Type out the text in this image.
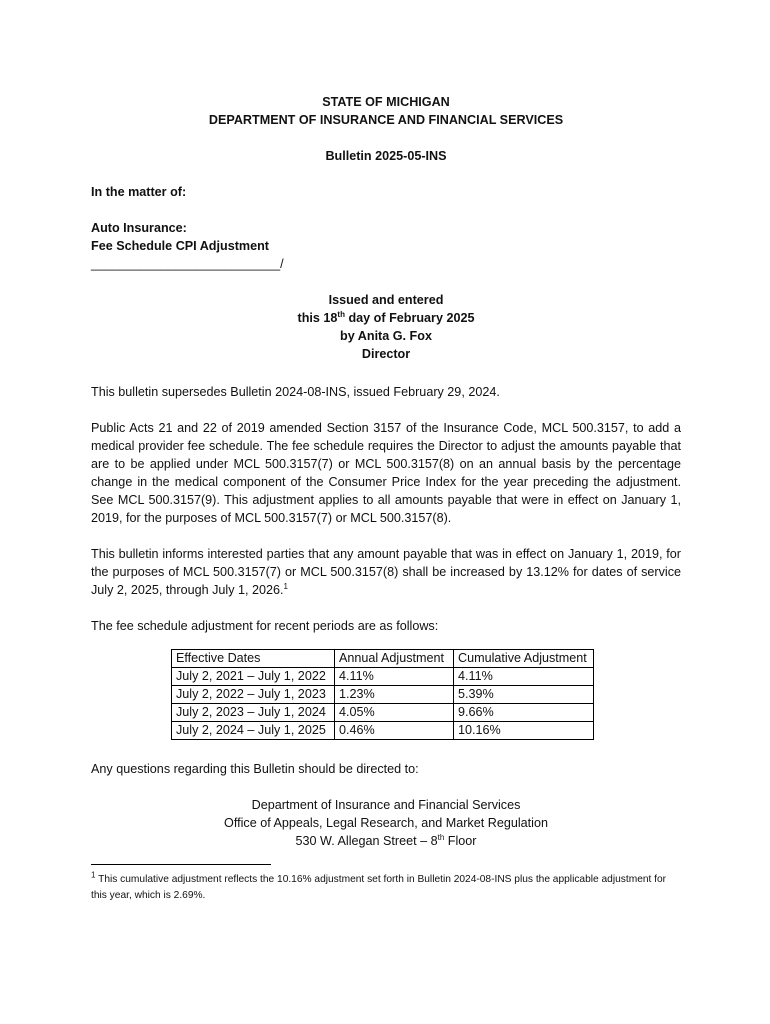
STATE OF MICHIGAN

DEPARTMENT OF INSURANCE AND FINANCIAL SERVICES

Bulletin 2025-05-INS

In the matter of:

Auto Insurance:

Fee Schedule CPI Adjustment

___________________________/

Issued and entered

this 18th day of February 2025

by Anita G. Fox

Director

This bulletin supersedes Bulletin 2024-08-INS, issued February 29, 2024.

Public Acts 21 and 22 of 2019 amended Section 3157 of the Insurance Code, MCL 500.3157, to add a medical provider fee schedule. The fee schedule requires the Director to adjust the amounts payable that are to be applied under MCL 500.3157(7) or MCL 500.3157(8) on an annual basis by the percentage change in the medical component of the Consumer Price Index for the year preceding the adjustment. See MCL 500.3157(9). This adjustment applies to all amounts payable that were in effect on January 1, 2019, for the purposes of MCL 500.3157(7) or MCL 500.3157(8).

This bulletin informs interested parties that any amount payable that was in effect on January 1, 2019, for the purposes of MCL 500.3157(7) or MCL 500.3157(8) shall be increased by 13.12% for dates of service July 2, 2025, through July 1, 2026.$^1$

The fee schedule adjustment for recent periods are as follows:

Effective Dates	Annual Adjustment	Cumulative Adjustment
July 2, 2021 – July 1, 2022	4.11%	4.11%
July 2, 2022 – July 1, 2023	1.23%	5.39%
July 2, 2023 – July 1, 2024	4.05%	9.66%
July 2, 2024 – July 1, 2025	0.46%	10.16%

Any questions regarding this Bulletin should be directed to:

Department of Insurance and Financial Services

Office of Appeals, Legal Research, and Market Regulation

530 W. Allegan Street – 8th Floor

$^1$ This cumulative adjustment reflects the 10.16% adjustment set forth in Bulletin 2024-08-INS plus the applicable adjustment for this year, which is 2.69%.
